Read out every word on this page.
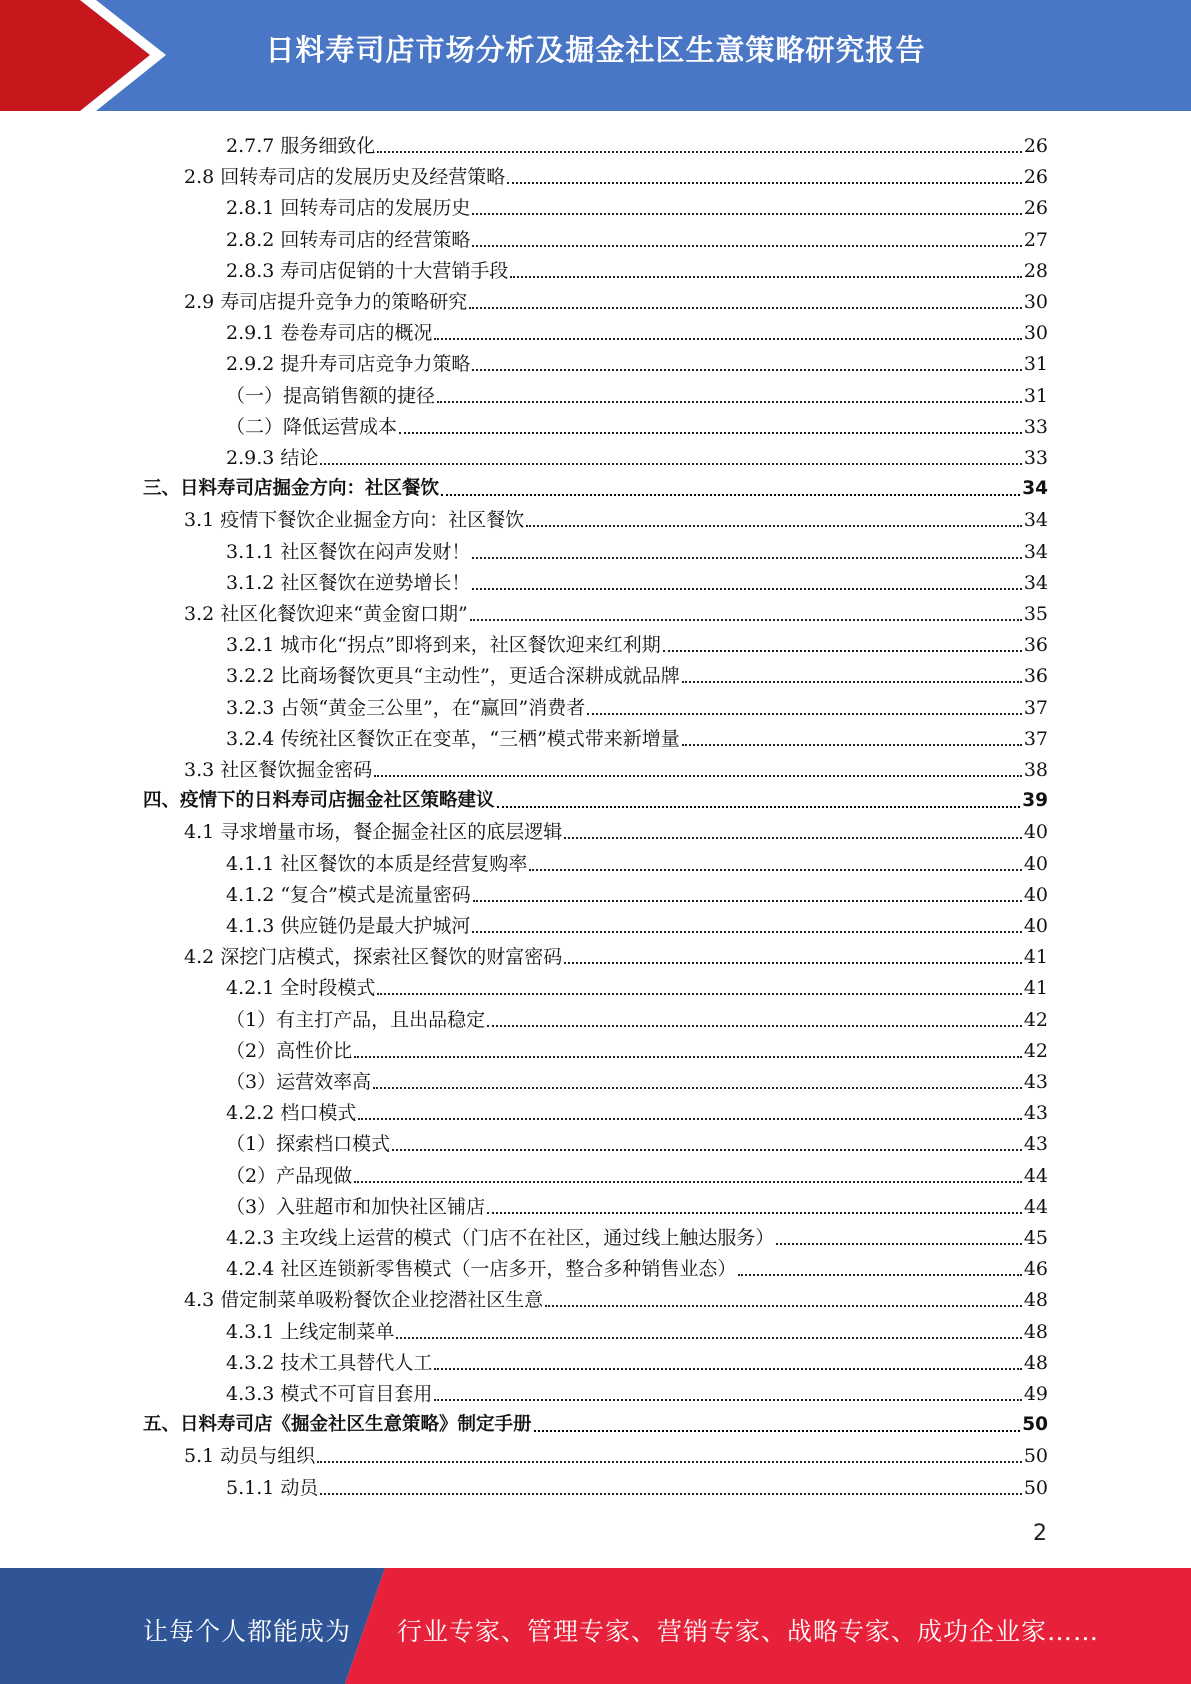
日料寿司店市场分析及掘金社区生意策略研究报告
2.7.7 服务细致化	26
2.8 回转寿司店的发展历史及经营策略	26
2.8.1 回转寿司店的发展历史	26
2.8.2 回转寿司店的经营策略	27
2.8.3 寿司店促销的十大营销手段	28
2.9 寿司店提升竞争力的策略研究	30
2.9.1 卷卷寿司店的概况	30
2.9.2 提升寿司店竞争力策略	31
（一）提高销售额的捷径	31
（二）降低运营成本	33
2.9.3 结论	33
三、日料寿司店掘金方向：社区餐饮	34
3.1 疫情下餐饮企业掘金方向：社区餐饮	34
3.1.1 社区餐饮在闷声发财！	34
3.1.2 社区餐饮在逆势增长！	34
3.2 社区化餐饮迎来“黄金窗口期”	35
3.2.1 城市化“拐点”即将到来，社区餐饮迎来红利期	36
3.2.2 比商场餐饮更具“主动性”，更适合深耕成就品牌	36
3.2.3 占领“黄金三公里”，在“赢回”消费者	37
3.2.4 传统社区餐饮正在变革，“三栖”模式带来新增量	37
3.3 社区餐饮掘金密码	38
四、疫情下的日料寿司店掘金社区策略建议	39
4.1 寻求增量市场，餐企掘金社区的底层逻辑	40
4.1.1 社区餐饮的本质是经营复购率	40
4.1.2 “复合”模式是流量密码	40
4.1.3 供应链仍是最大护城河	40
4.2 深挖门店模式，探索社区餐饮的财富密码	41
4.2.1 全时段模式	41
（1）有主打产品，且出品稳定	42
（2）高性价比	42
（3）运营效率高	43
4.2.2 档口模式	43
（1）探索档口模式	43
（2）产品现做	44
（3）入驻超市和加快社区铺店	44
4.2.3 主攻线上运营的模式（门店不在社区，通过线上触达服务）	45
4.2.4 社区连锁新零售模式（一店多开，整合多种销售业态）	46
4.3 借定制菜单吸粉餐饮企业挖潜社区生意	48
4.3.1 上线定制菜单	48
4.3.2 技术工具替代人工	48
4.3.3 模式不可盲目套用	49
五、日料寿司店《掘金社区生意策略》制定手册	50
5.1 动员与组织	50
5.1.1 动员	50
2
让每个人都能成为 行业专家、管理专家、营销专家、战略专家、成功企业家……
